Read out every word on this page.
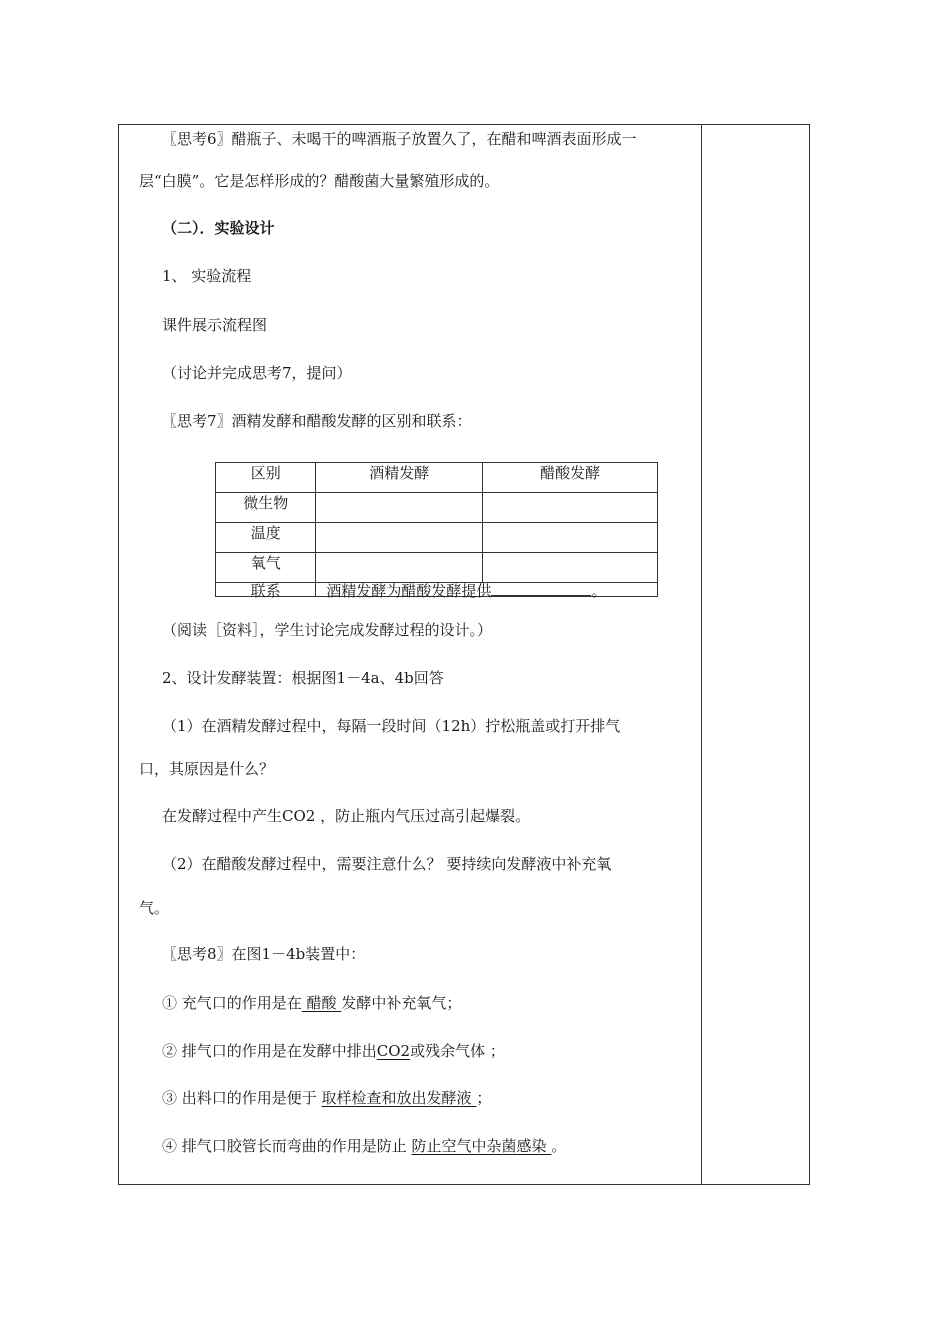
〖思考6〗醋瓶子、未喝干的啤酒瓶子放置久了，在醋和啤酒表面形成一
层“白膜”。它是怎样形成的？醋酸菌大量繁殖形成的。
（二）．实验设计
1、 实验流程
课件展示流程图
（讨论并完成思考7，提问）
〖思考7〗酒精发酵和醋酸发酵的区别和联系：
区别	酒精发酵	醋酸发酵
微生物		
温度		
氧气		

联系	酒精发酵为醋酸发酵提供 。	
（阅读［资料］，学生讨论完成发酵过程的设计。）
2、设计发酵装置：根据图1－4a、4b回答
（1）在酒精发酵过程中，每隔一段时间（12h）拧松瓶盖或打开排气
口，其原因是什么？
在发酵过程中产生CO2 ，防止瓶内气压过高引起爆裂。
（2）在醋酸发酵过程中，需要注意什么？ 要持续向发酵液中补充氧
气。
〖思考8〗在图1－4b装置中：
① 充气口的作用是在 醋酸 发酵中补充氧气；
② 排气口的作用是在发酵中排出CO2或残余气体 ；
③ 出料口的作用是便于 取样检查和放出发酵液 ；
④ 排气口胶管长而弯曲的作用是防止 防止空气中杂菌感染 。
